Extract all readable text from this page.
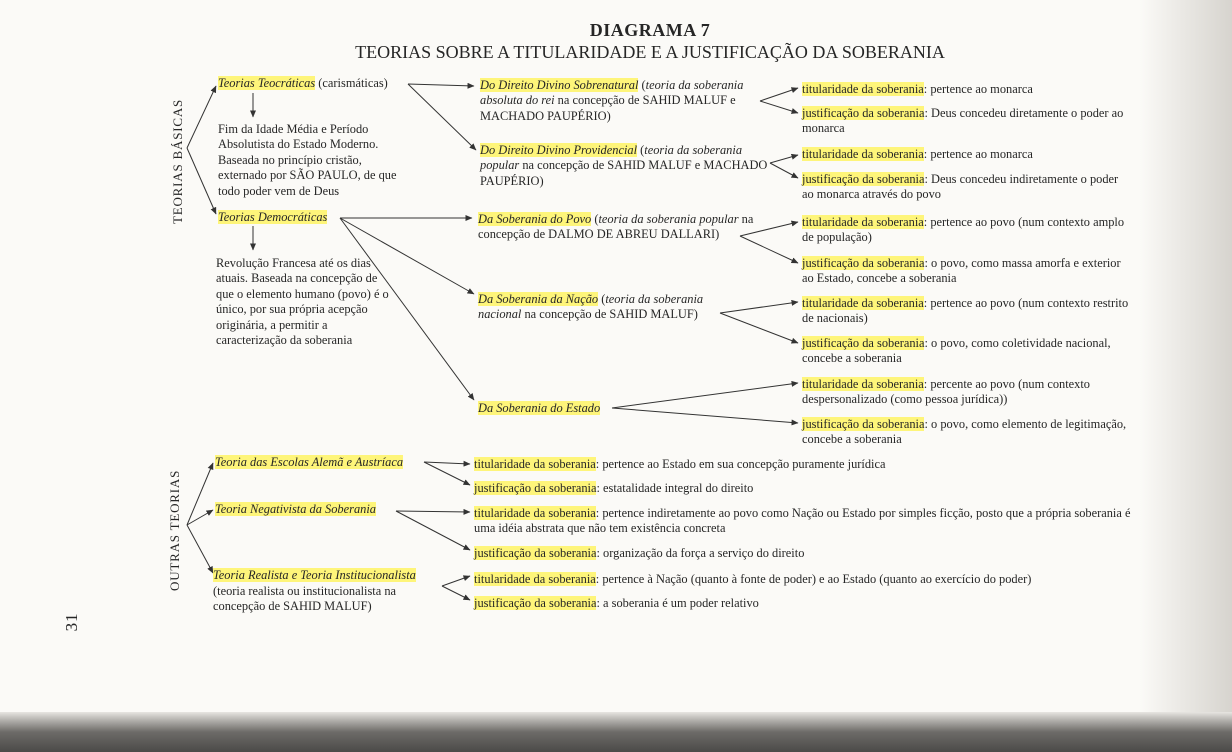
DIAGRAMA 7
TEORIAS SOBRE A TITULARIDADE E A JUSTIFICAÇÃO DA SOBERANIA
TEORIAS BÁSICAS
OUTRAS TEORIAS
31
Teorias Teocráticas (carismáticas)
Fim da Idade Média e Período Absolutista do Estado Moderno. Baseada no princípio cristão, externado por SÃO PAULO, de que todo poder vem de Deus
Teorias Democráticas
Revolução Francesa até os dias atuais. Baseada na concepção de que o elemento humano (povo) é o único, por sua própria acepção originária, a permitir a caracterização da soberania
Do Direito Divino Sobrenatural (teoria da soberania absoluta do rei na concepção de SAHID MALUF e MACHADO PAUPÉRIO)
titularidade da soberania: pertence ao monarca
justificação da soberania: Deus concedeu diretamente o poder ao monarca
Do Direito Divino Providencial (teoria da soberania popular na concepção de SAHID MALUF e MACHADO PAUPÉRIO)
titularidade da soberania: pertence ao monarca
justificação da soberania: Deus concedeu indiretamente o poder ao monarca através do povo
Da Soberania do Povo (teoria da soberania popular na concepção de DALMO DE ABREU DALLARI)
titularidade da soberania: pertence ao povo (num contexto amplo de população)
justificação da soberania: o povo, como massa amorfa e exterior ao Estado, concebe a soberania
Da Soberania da Nação (teoria da soberania nacional na concepção de SAHID MALUF)
titularidade da soberania: pertence ao povo (num contexto restrito de nacionais)
justificação da soberania: o povo, como coletividade nacional, concebe a soberania
Da Soberania do Estado
titularidade da soberania: percente ao povo (num contexto despersonalizado (como pessoa jurídica))
justificação da soberania: o povo, como elemento de legitimação, concebe a soberania
Teoria das Escolas Alemã e Austríaca	titularidade da soberania: pertence ao Estado em sua concepção puramente jurídica
justificação da soberania: estatalidade integral do direito
Teoria Negativista da Soberania	titularidade da soberania: pertence indiretamente ao povo como Nação ou Estado por simples ficção, posto que a própria soberania é uma idéia abstrata que não tem existência concreta
justificação da soberania: organização da força a serviço do direito
Teoria Realista e Teoria Institucionalista
(teoria realista ou institucionalista na concepção de SAHID MALUF)
titularidade da soberania: pertence à Nação (quanto à fonte de poder) e ao Estado (quanto ao exercício do poder)
justificação da soberania: a soberania é um poder relativo
